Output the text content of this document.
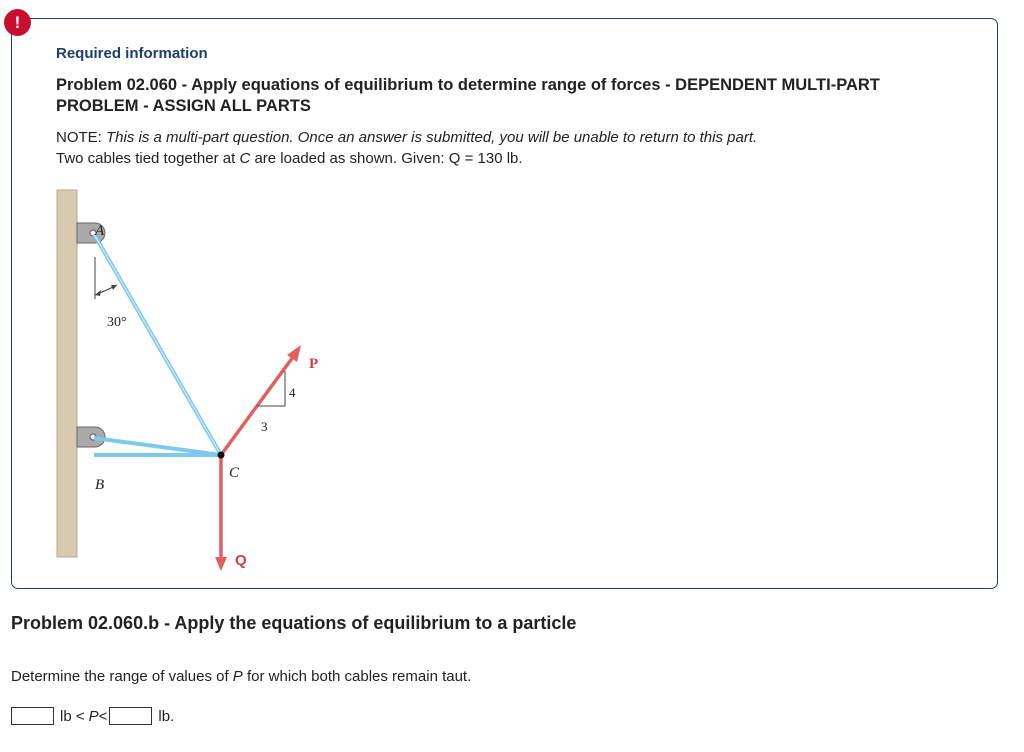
!
Required information
Problem 02.060 - Apply equations of equilibrium to determine range of forces - DEPENDENT MULTI-PART PROBLEM - ASSIGN ALL PARTS
NOTE: This is a multi-part question. Once an answer is submitted, you will be unable to return to this part.
Two cables tied together at C are loaded as shown. Given: Q = 130 lb.
A
B
C
P
Q
30°
4
3
Problem 02.060.b - Apply the equations of equilibrium to a particle
Determine the range of values of P for which both cables remain taut.
lb < P <	lb.
